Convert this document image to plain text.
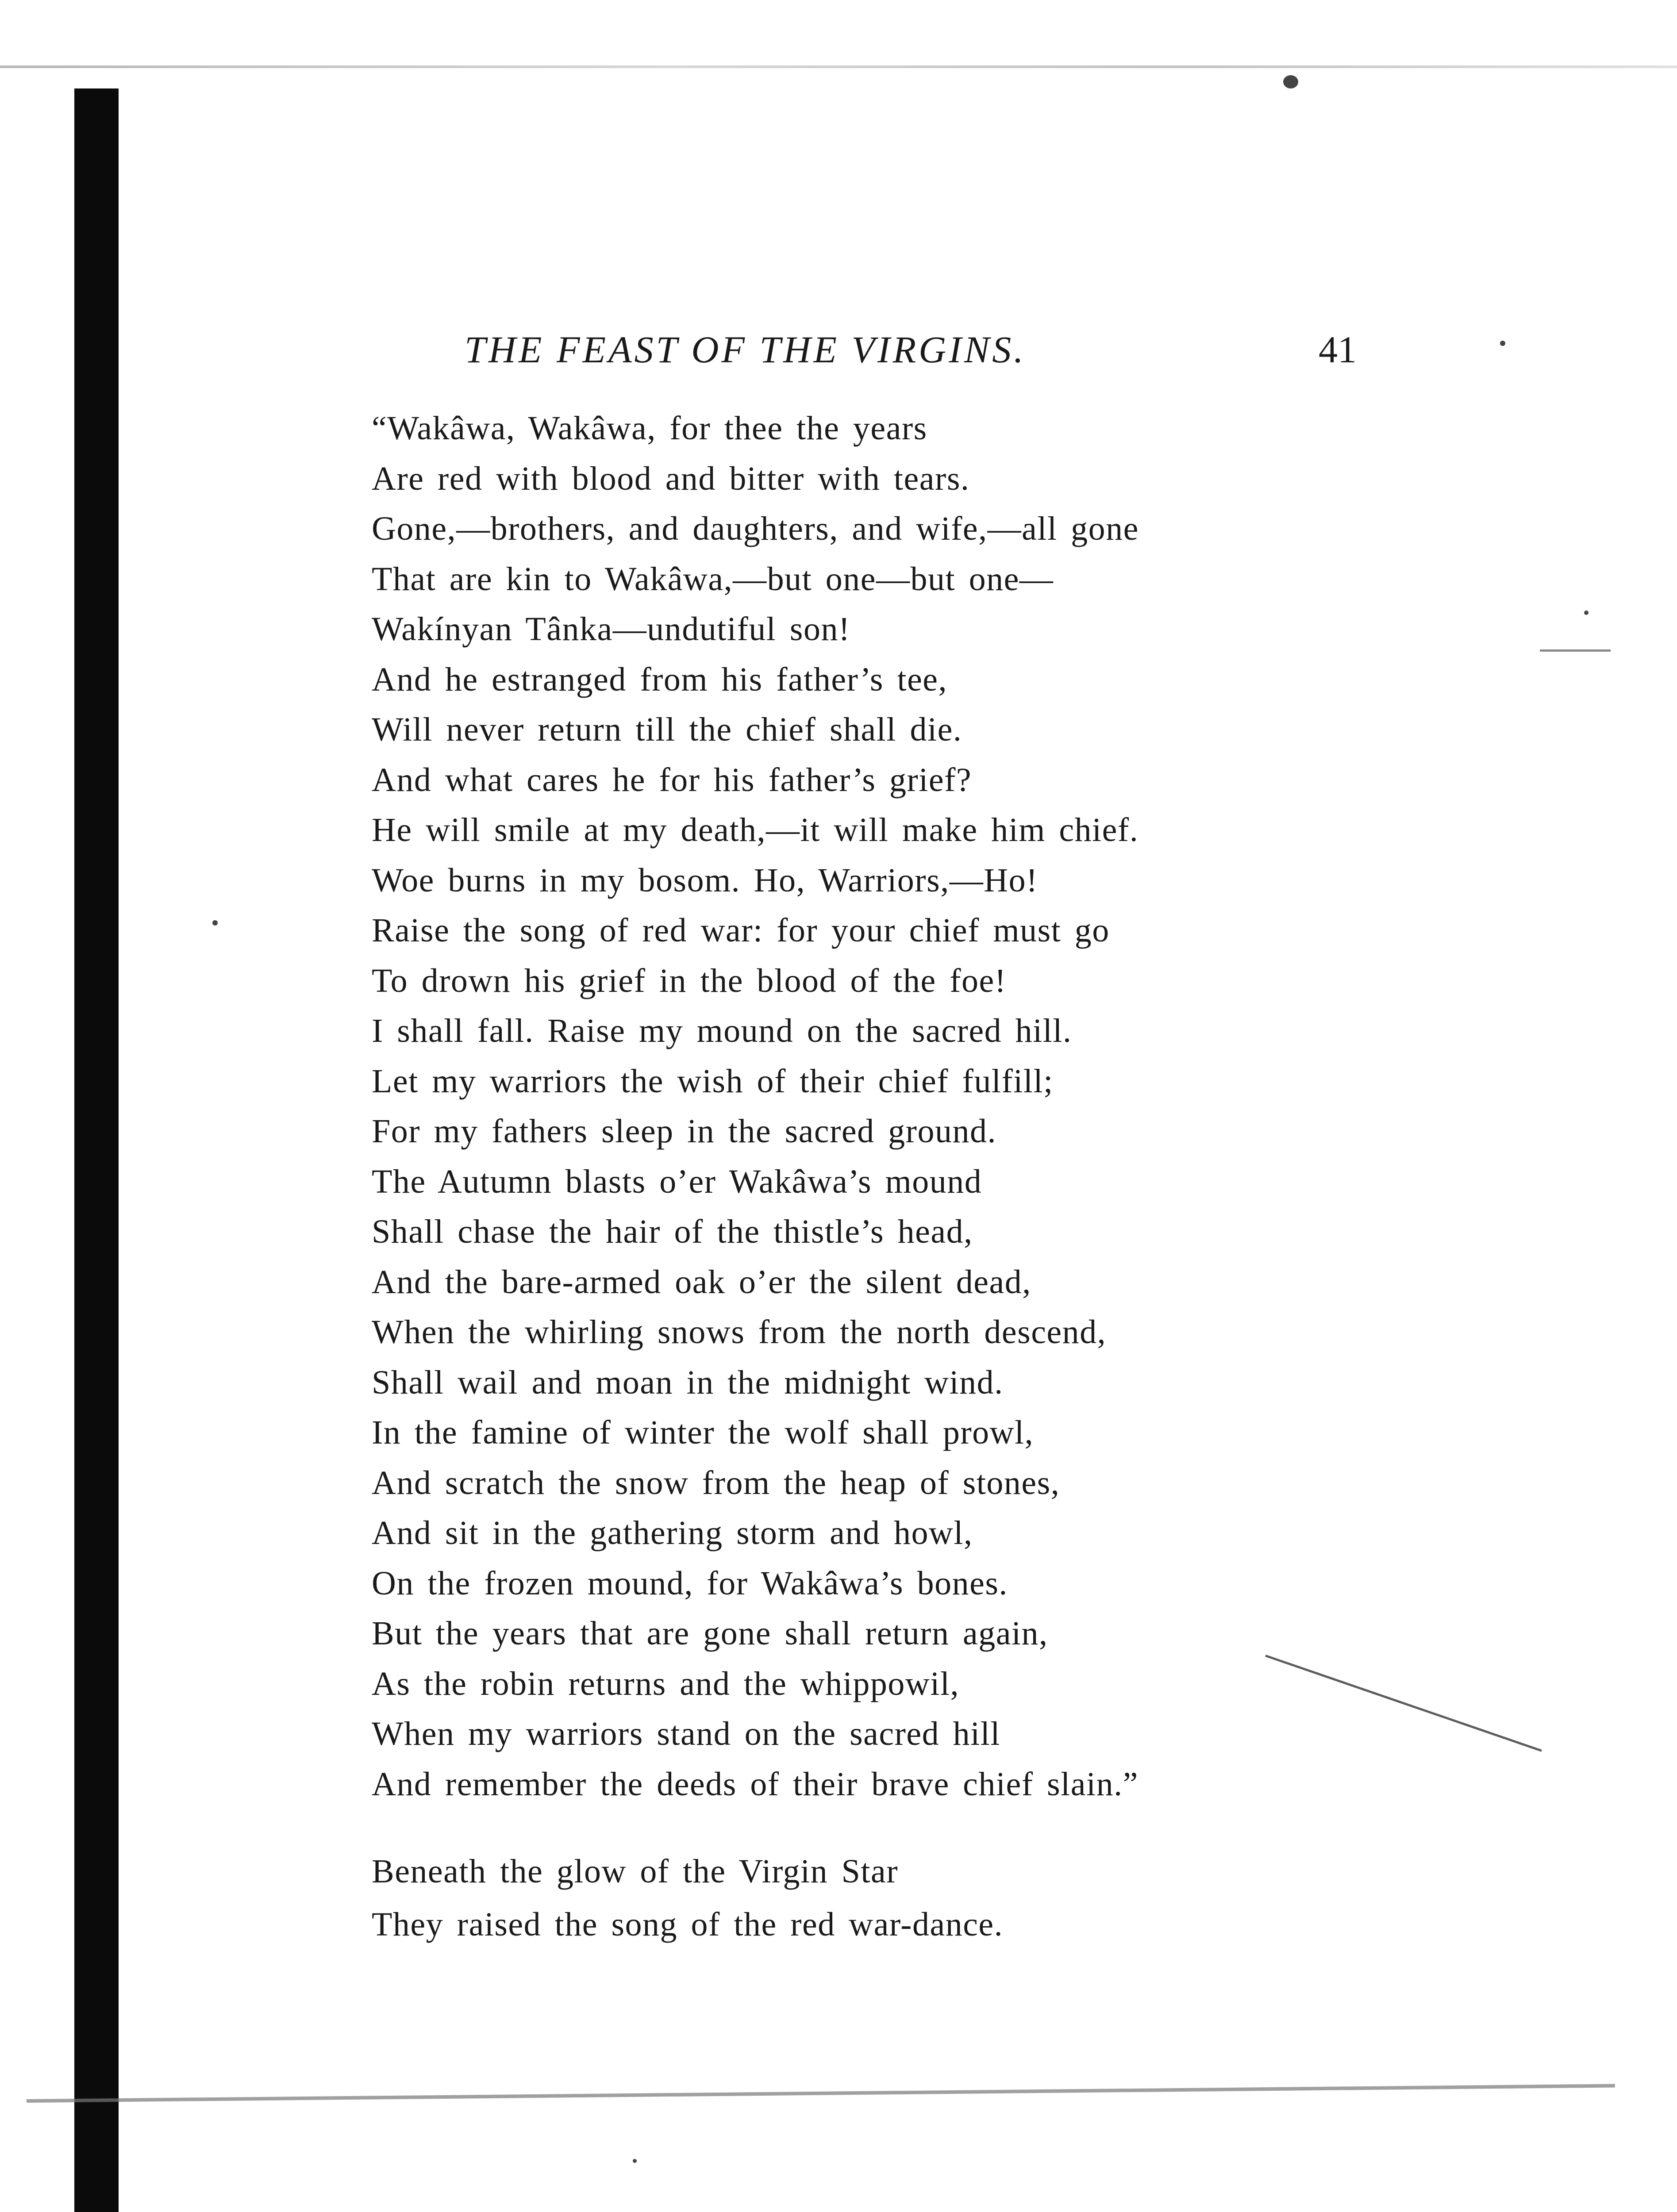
THE FEAST OF THE VIRGINS.	41
“Wakâwa, Wakâwa, for thee the years
Are red with blood and bitter with tears.
Gone,—brothers, and daughters, and wife,—all gone
That are kin to Wakâwa,—but one—but one—
Wakínyan Tânka—undutiful son!
And he estranged from his father’s tee,
Will never return till the chief shall die.
And what cares he for his father’s grief?
He will smile at my death,—it will make him chief.
Woe burns in my bosom. Ho, Warriors,—Ho!
Raise the song of red war: for your chief must go
To drown his grief in the blood of the foe!
I shall fall. Raise my mound on the sacred hill.
Let my warriors the wish of their chief fulfill;
For my fathers sleep in the sacred ground.
The Autumn blasts o’er Wakâwa’s mound
Shall chase the hair of the thistle’s head,
And the bare-armed oak o’er the silent dead,
When the whirling snows from the north descend,
Shall wail and moan in the midnight wind.
In the famine of winter the wolf shall prowl,
And scratch the snow from the heap of stones,
And sit in the gathering storm and howl,
On the frozen mound, for Wakâwa’s bones.
But the years that are gone shall return again,
As the robin returns and the whippowil,
When my warriors stand on the sacred hill
And remember the deeds of their brave chief slain.”
Beneath the glow of the Virgin Star
They raised the song of the red war-dance.
